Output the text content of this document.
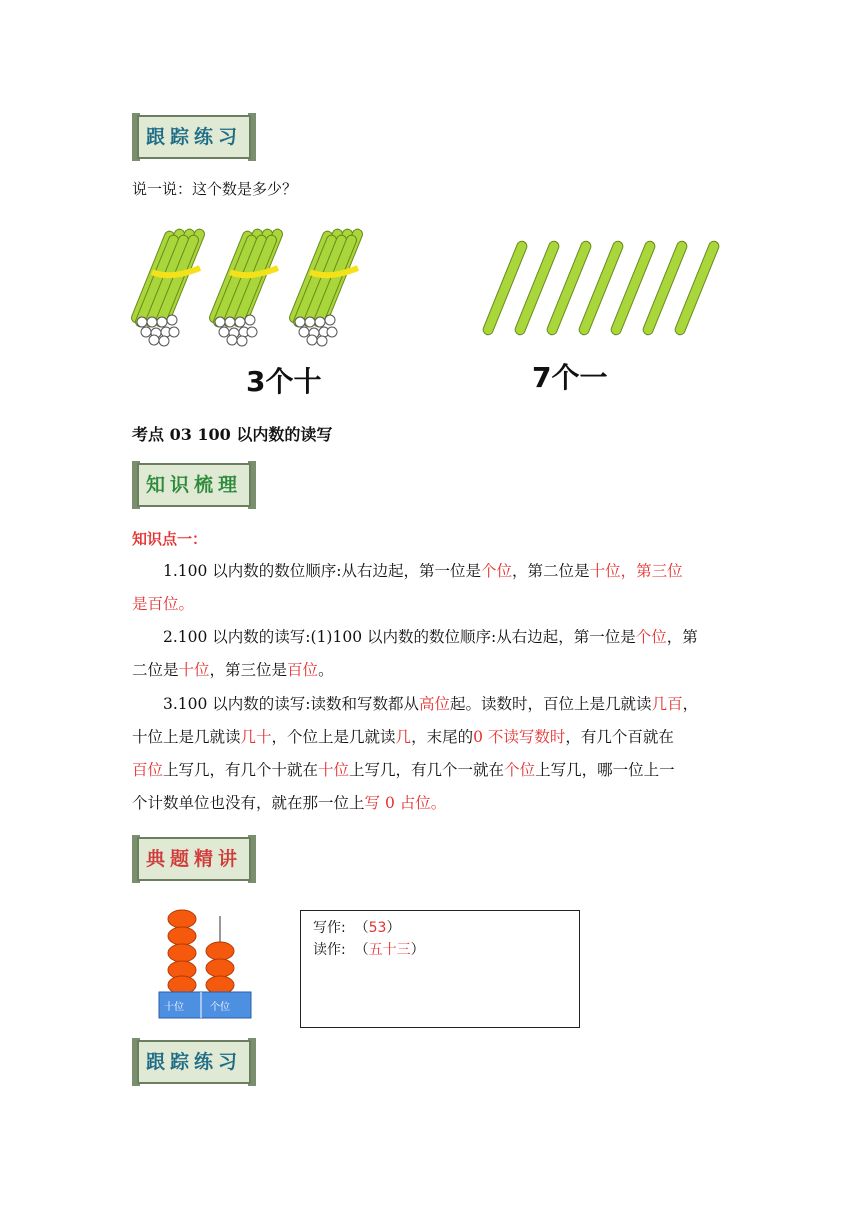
跟踪练习
说一说：这个数是多少？
3个十	7个一
考点 03 100 以内数的读写
知识梳理
知识点一：
1.100 以内数的数位顺序:从右边起，第一位是个位，第二位是十位，第三位
是百位。
2.100 以内数的读写:(1)100 以内数的数位顺序:从右边起，第一位是个位，第
二位是十位，第三位是百位。
3.100 以内数的读写:读数和写数都从高位起。读数时，百位上是几就读几百，
十位上是几就读几十，个位上是几就读几，末尾的0 不读写数时，有几个百就在
百位上写几，有几个十就在十位上写几，有几个一就在个位上写几，哪一位上一
个计数单位也没有，就在那一位上写 0 占位。
典题精讲
十位	个位
写作: （53）
读作: （五十三）
跟踪练习
